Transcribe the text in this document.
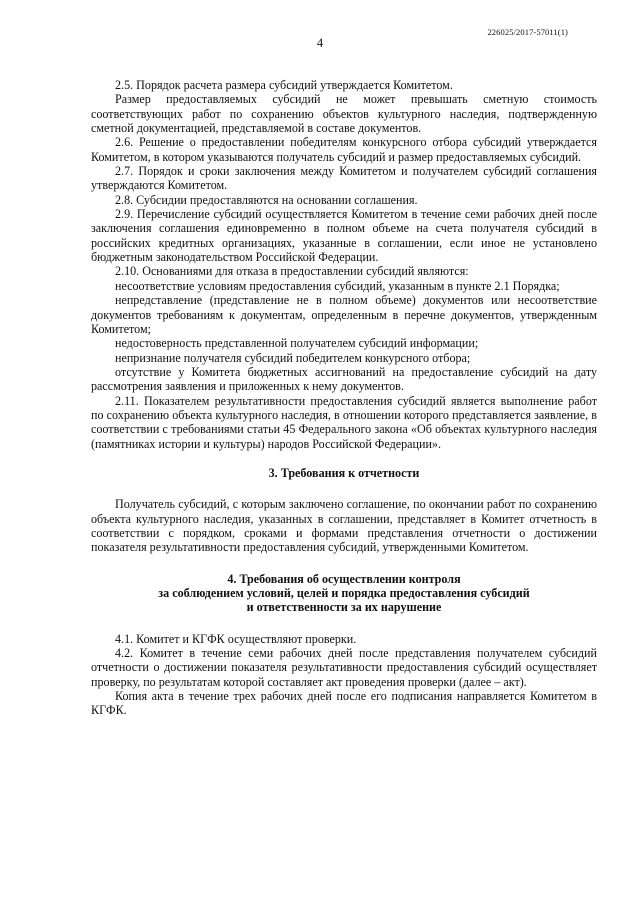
226025/2017-57011(1)
4

2.5. Порядок расчета размера субсидий утверждается Комитетом.

Размер предоставляемых субсидий не может превышать сметную стоимость соответствующих работ по сохранению объектов культурного наследия, подтвержденную сметной документацией, представляемой в составе документов.

2.6. Решение о предоставлении победителям конкурсного отбора субсидий утверждается Комитетом, в котором указываются получатель субсидий и размер предоставляемых субсидий.

2.7. Порядок и сроки заключения между Комитетом и получателем субсидий соглашения утверждаются Комитетом.

2.8. Субсидии предоставляются на основании соглашения.

2.9. Перечисление субсидий осуществляется Комитетом в течение семи рабочих дней после заключения соглашения единовременно в полном объеме на счета получателя субсидий в российских кредитных организациях, указанные в соглашении, если иное не установлено бюджетным законодательством Российской Федерации.

2.10. Основаниями для отказа в предоставлении субсидий являются:

несоответствие условиям предоставления субсидий, указанным в пункте 2.1 Порядка;

непредставление (представление не в полном объеме) документов или несоответствие документов требованиям к документам, определенным в перечне документов, утвержденным Комитетом;

недостоверность представленной получателем субсидий информации;

непризнание получателя субсидий победителем конкурсного отбора;

отсутствие у Комитета бюджетных ассигнований на предоставление субсидий на дату рассмотрения заявления и приложенных к нему документов.

2.11. Показателем результативности предоставления субсидий является выполнение работ по сохранению объекта культурного наследия, в отношении которого представляется заявление, в соответствии с требованиями статьи 45 Федерального закона «Об объектах культурного наследия (памятниках истории и культуры) народов Российской Федерации».

3. Требования к отчетности

Получатель субсидий, с которым заключено соглашение, по окончании работ по сохранению объекта культурного наследия, указанных в соглашении, представляет в Комитет отчетность в соответствии с порядком, сроками и формами представления отчетности о достижении показателя результативности предоставления субсидий, утвержденными Комитетом.

4. Требования об осуществлении контроля
за соблюдением условий, целей и порядка предоставления субсидий
и ответственности за их нарушение

4.1. Комитет и КГФК осуществляют проверки.

4.2. Комитет в течение семи рабочих дней после представления получателем субсидий отчетности о достижении показателя результативности предоставления субсидий осуществляет проверку, по результатам которой составляет акт проведения проверки (далее – акт).

Копия акта в течение трех рабочих дней после его подписания направляется Комитетом в КГФК.
